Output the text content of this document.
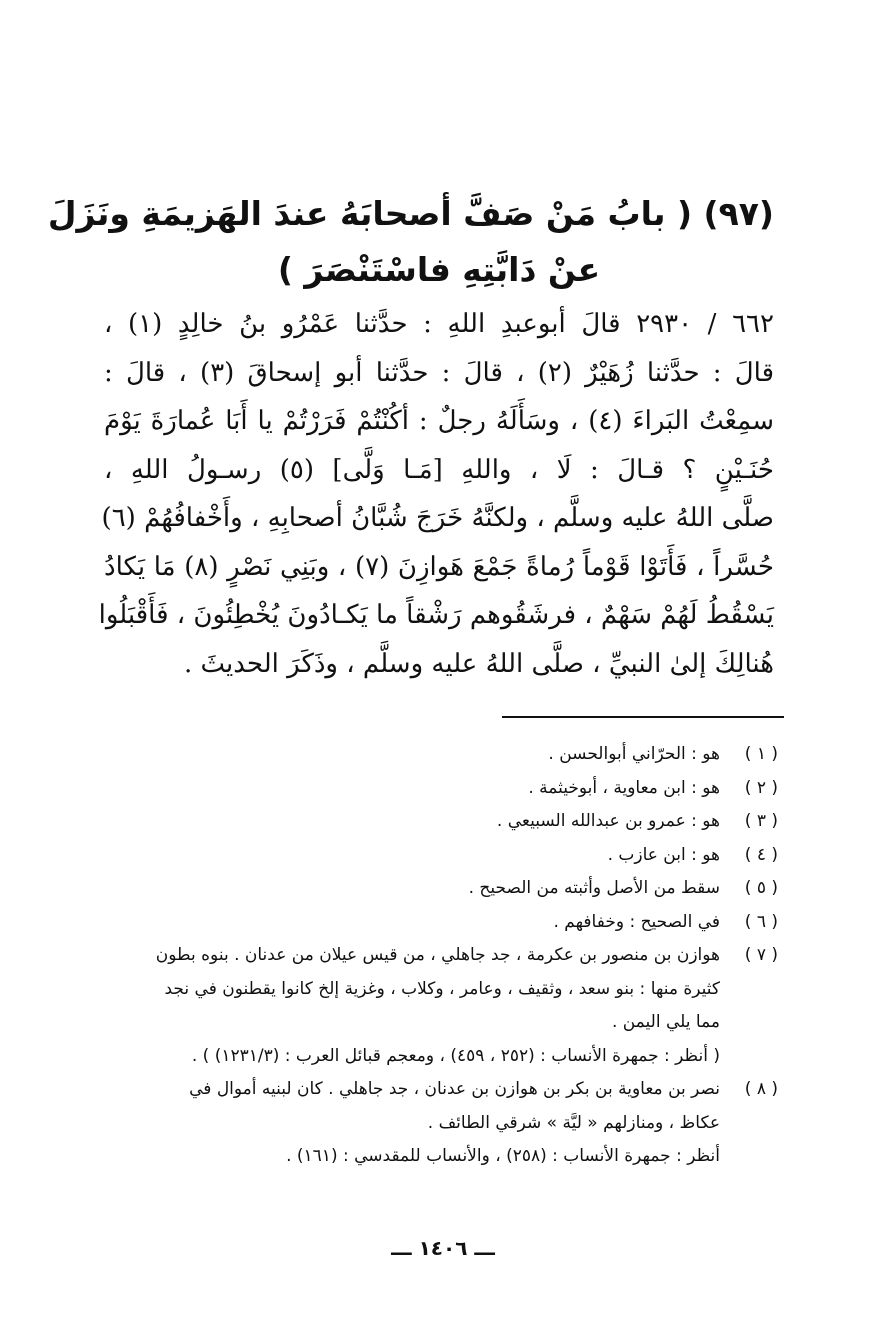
(٩٧) ( بابُ مَنْ صَفَّ أصحابَهُ عندَ الهَزيمَةِ ونَزَلَ
عنْ دَابَّتِهِ فاسْتَنْصَرَ )

٦٦٢ / ٢٩٣٠ قالَ أبوعبدِ اللهِ : حدَّثنا عَمْرُو بنُ خالِدٍ (١) ،
قالَ : حدَّثنا زُهَيْرٌ (٢) ، قالَ : حدَّثنا أبو إسحاقَ (٣) ، قالَ :
سمِعْتُ البَراءَ (٤) ، وسَأَلَهُ رجلٌ : أكُنْتُمْ فَرَرْتُمْ يا أَبَا عُمارَةَ يَوْمَ
حُنَـيْنٍ ؟ قـالَ : لَا ، واللهِ [مَـا وَلَّى] (٥) رسـولُ اللهِ ،
صلَّى اللهُ عليه وسلَّم ، ولكنَّهُ خَرَجَ شُبَّانُ أصحابِهِ ، وأَخْفافُهُمْ (٦)
حُسَّراً ، فَأَتَوْا قَوْماً رُماةً جَمْعَ هَوازِنَ (٧) ، وبَنِي نَصْرٍ (٨) مَا يَكادُ
يَسْقُطُ لَهُمْ سَهْمٌ ، فرشَقُوهم رَشْقاً ما يَكـادُونَ يُخْطِئُونَ ، فَأَقْبَلُوا
هُنالِكَ إلىٰ النبيِّ ، صلَّى اللهُ عليه وسلَّم ، وذَكَرَ الحديثَ .

( ١ )
هو : الحرّاني أبوالحسن .
( ٢ )
هو : ابن معاوية ، أبوخيثمة .
( ٣ )
هو : عمرو بن عبدالله السبيعي .
( ٤ )
هو : ابن عازب .
( ٥ )
سقط من الأصل وأثبته من الصحيح .
( ٦ )
في الصحيح : وخفافهم .
( ٧ )
هوازن بن منصور بن عكرمة ، جد جاهلي ، من قيس عيلان من عدنان . بنوه بطون
كثيرة منها : بنو سعد ، وثقيف ، وعامر ، وكلاب ، وغزية إلخ كانوا يقطنون في نجد
مما يلي اليمن .
( أنظر : جمهرة الأنساب : (٢٥٢ ، ٤٥٩) ، ومعجم قبائل العرب : (١٢٣١/٣) ) .
( ٨ )
نصر بن معاوية بن بكر بن هوازن بن عدنان ، جد جاهلي . كان لبنيه أموال في
عكاظ ، ومنازلهم « ليَّة » شرقي الطائف .
أنظر : جمهرة الأنساب : (٢٥٨) ، والأنساب للمقدسي : (١٦١) .
ـــ ١٤٠٦ ـــ
